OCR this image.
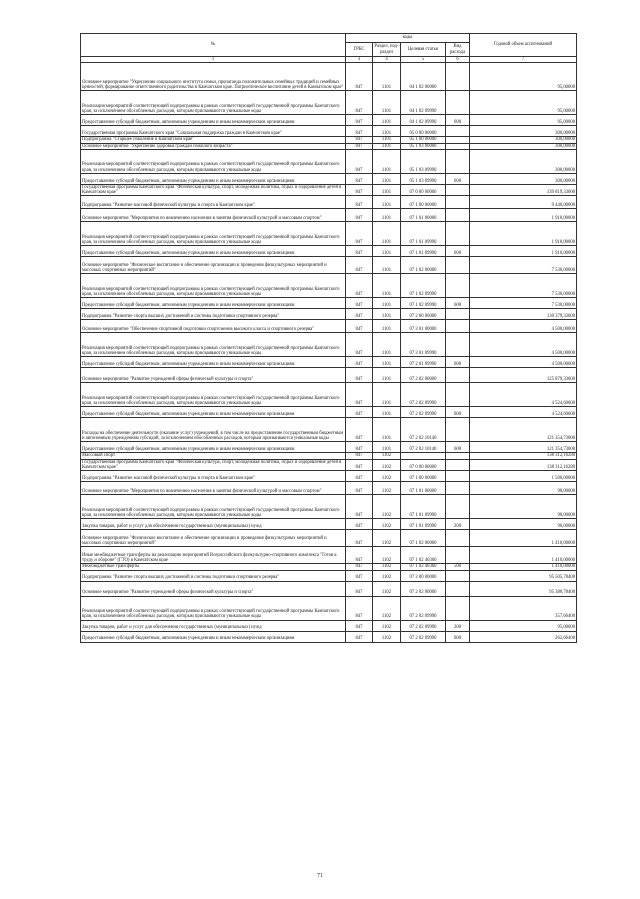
№	коды				Годовой объем ассигнований
	ГРБС	Раздел, под-раздел	Целевая статья	Вид расхода	
1	3	4	5	6	7
Основное мероприятие "Укрепление социального института семьи, пропаганда положительных семейных традиций и семейных ценностей, формирование ответственного родительства в Камчатском крае. Патриотическое воспитание детей в Камчатском крае"	847	1101	04 1 02 00000		95,00000
Реализация мероприятий соответствующей подпрограммы в рамках соответствующей государственной программы Камчатского края, за исключением обособленных расходов, которым присваиваются уникальные коды	847	1101	04 1 02 09990		95,00000
Предоставление субсидий бюджетным, автономным учреждениям и иным некоммерческим организациям	847	1101	04 1 02 09990	600	95,00000
Государственная программа Камчатского края "Социальная поддержка граждан в Камчатском крае"	847	1101	05 0 00 00000		300,00000
Подпрограмма "Старшее поколение в Камчатском крае"	847	1101	05 1 00 00000		300,00000
Основное мероприятие "Укрепление здоровья граждан пожилого возраста"	847	1101	05 1 03 00000		300,00000
Реализация мероприятий соответствующей подпрограммы в рамках соответствующей государственной программы Камчатского края, за исключением обособленных расходов, которым присваиваются уникальные коды	847	1101	05 1 03 09990		300,00000
Предоставление субсидий бюджетным, автономным учреждениям и иным некоммерческим организациям	847	1101	05 1 03 09990	600	300,00000
Государственная программа Камчатского края "Физическая культура, спорт, молодежная политика, отдых и оздоровление детей в Камчатском крае"	847	1101	07 0 00 00000		139 819,33600
Подпрограмма "Развитие массовой физической культуры и спорта в Камчатском крае"	847	1101	07 1 00 00000		9 440,00000
Основное мероприятие "Мероприятия по вовлечению населения в занятия физической культурой и массовым спортом"	847	1101	07 1 01 00000		1 910,00000
Реализация мероприятий соответствующей подпрограммы в рамках соответствующей государственной программы Камчатского края, за исключением обособленных расходов, которым присваиваются уникальные коды	847	1101	07 1 01 09990		1 910,00000
Предоставление субсидий бюджетным, автономным учреждениям и иным некоммерческим организациям	847	1101	07 1 01 09990	600	1 910,00000
Основное мероприятие "Физическое воспитание и обеспечение организации и проведения физкультурных мероприятий и массовых спортивных мероприятий"	847	1101	07 1 02 00000		7 530,00000
Реализация мероприятий соответствующей подпрограммы в рамках соответствующей государственной программы Камчатского края, за исключением обособленных расходов, которым присваиваются уникальные коды	847	1101	07 1 02 09990		7 530,00000
Предоставление субсидий бюджетным, автономным учреждениям и иным некоммерческим организациям	847	1101	07 1 02 09990	600	7 530,00000
Подпрограмма "Развитие спорта высших достижений и системы подготовки спортивного резерва"	847	1101	07 2 00 00000		130 379,33600
Основное мероприятие "Обеспечение спортивной подготовки спортсменов высокого класса и спортивного резерва"	847	1101	07 2 01 00000		4 500,00000
Реализация мероприятий соответствующей подпрограммы в рамках соответствующей государственной программы Камчатского края, за исключением обособленных расходов, которым присваиваются уникальные коды	847	1101	07 2 01 09990		4 500,00000
Предоставление субсидий бюджетным, автономным учреждениям и иным некоммерческим организациям	847	1101	07 2 01 09990	600	4 500,00000
Основное мероприятие "Развитие учреждений сферы физической культуры и спорта"	847	1101	07 2 02 00000		125 879,33600
Реализация мероприятий соответствующей подпрограммы в рамках соответствующей государственной программы Камчатского края, за исключением обособленных расходов, которым присваиваются уникальные коды	847	1101	07 2 02 09990		4 524,60600
Предоставление субсидий бюджетным, автономным учреждениям и иным некоммерческим организациям	847	1101	07 2 02 09990	600	4 524,60600
Расходы на обеспечение деятельности (оказание услуг) учреждений, в том числе на предоставление государственным бюджетным и автономным учреждениям субсидий, за исключением обособленных расходов, которым присваиваются уникальные коды	847	1101	07 2 02 10140		121 354,73000
Предоставление субсидий бюджетным, автономным учреждениям и иным некоммерческим организациям	847	1101	07 2 02 10140	600	121 354,73000
Массовый спорт	847	1102			138 312,16280
Государственная программа Камчатского края "Физическая культура, спорт, молодежная политика, отдых и оздоровление детей в Камчатском крае"	847	1102	07 0 00 00000		138 312,16280
Подпрограмма "Развитие массовой физической культуры и спорта в Камчатском крае"	847	1102	07 1 00 00000		1 500,00000
Основное мероприятие "Мероприятия по вовлечению населения в занятия физической культурой и массовым спортом"	847	1102	07 1 01 00000		90,00000
Реализация мероприятий соответствующей подпрограммы в рамках соответствующей государственной программы Камчатского края, за исключением обособленных расходов, которым присваиваются уникальные коды	847	1102	07 1 01 09990		90,00000
Закупка товаров, работ и услуг для обеспечения государственных (муниципальных) нужд	847	1102	07 1 01 09990	200	90,00000
Основное мероприятие "Физическое воспитание и обеспечение организации и проведения физкультурных мероприятий и массовых спортивных мероприятий"	847	1102	07 1 02 00000		1 410,00000
Иные межбюджетные трансферты на реализацию мероприятий Всероссийского физкультурно-спортивного комплекса "Готов к труду и обороне" (ГТО) в Камчатском крае	847	1102	07 1 02 40360		1 410,00000
Межбюджетные трансферты	847	1102	07 1 02 40360	500	1 410,00000
Подпрограмма "Развитие спорта высших достижений и системы подготовки спортивного резерва"	847	1102	07 2 00 00000		95 505,78400
Основное мероприятие "Развитие учреждений сферы физической культуры и спорта"	847	1102	07 2 02 00000		95 380,78400
Реализация мероприятий соответствующей подпрограммы в рамках соответствующей государственной программы Камчатского края, за исключением обособленных расходов, которым присваиваются уникальные коды	847	1102	07 2 02 09990		357,66400
Закупка товаров, работ и услуг для обеспечения государственных (муниципальных) нужд	847	1102	07 2 02 09990	200	95,00000
Предоставление субсидий бюджетным, автономным учреждениям и иным некоммерческим организациям	847	1102	07 2 02 09990	600	262,66400
71
